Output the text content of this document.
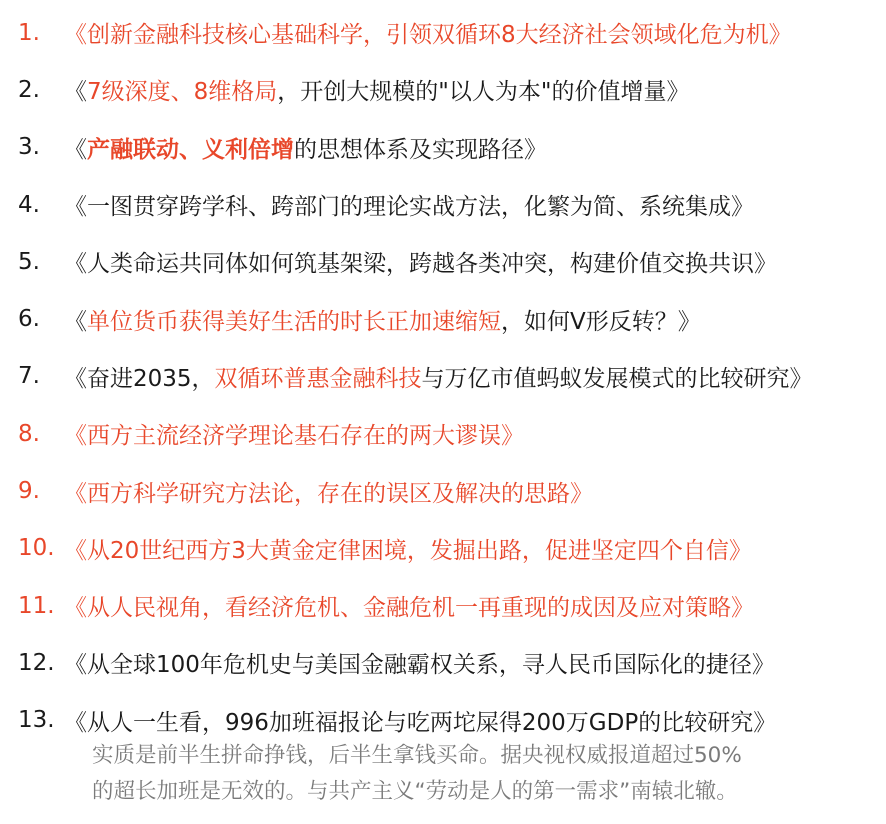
1.	《创新金融科技核心基础科学，引领双循环8大经济社会领域化危为机》
2.	《 7级深度、8维格局 ，开创大规模的"以人为本"的价值增量》
3.	《 产融联动、义利倍增 的思想体系及实现路径》
4.	《一图贯穿跨学科、跨部门的理论实战方法，化繁为简、系统集成》
5.	《人类命运共同体如何筑基架梁，跨越各类冲突，构建价值交换共识》
6.	《 单位货币获得美好生活的时长正加速缩短 ，如何V形反转？》
7.	《奋进2035， 双循环普惠金融科技 与万亿市值蚂蚁发展模式的比较研究》
8.	《西方主流经济学理论基石存在的两大谬误》
9.	《西方科学研究方法论，存在的误区及解决的思路》
10. 《从20世纪西方3大黄金定律困境，发掘出路，促进坚定四个自信》
11. 《从人民视角，看经济危机、金融危机一再重现的成因及应对策略》
12. 《从全球100年危机史与美国金融霸权关系，寻人民币国际化的捷径》
13. 《从人一生看，996加班福报论与吃两坨屎得200万GDP的比较研究》

实质是前半生拼命挣钱，后半生拿钱买命。据央视权威报道超过50%

的超长加班是无效的。与共产主义“劳动是人的第一需求”南辕北辙。
